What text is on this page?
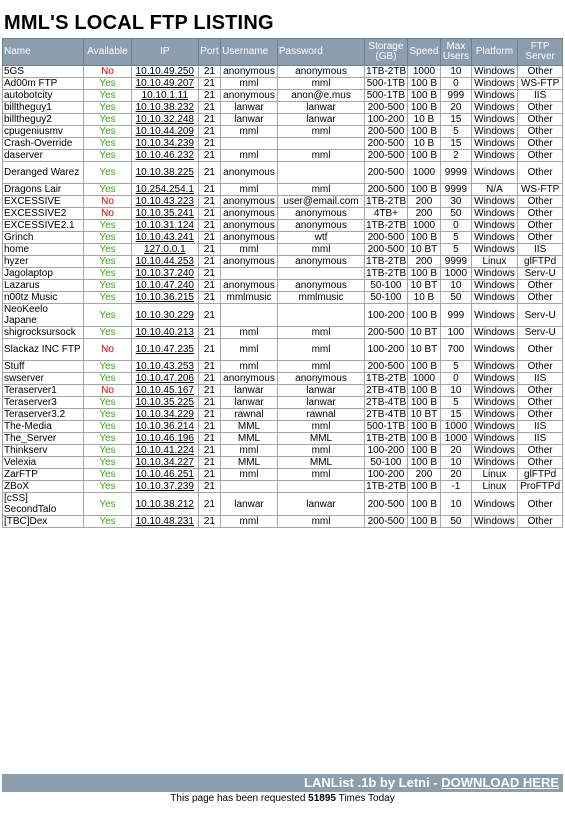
MML'S LOCAL FTP LISTING
Name	Available	IP	Port	Username	Password	Storage (GB)	Speed	Max Users	Platform	FTP Server
5GS	No	10.10.49.250	21	anonymous	anonymous	1TB-2TB	1000	10	Windows	Other
Ad00m FTP	Yes	10.10.49.207	21	mml	mml	500-1TB	100 B	0	Windows	WS-FTP
autobotcity	Yes	10.10.1.11	21	anonymous	anon@e.mus	500-1TB	100 B	999	Windows	IIS
billtheguy1	Yes	10.10.38.232	21	lanwar	lanwar	200-500	100 B	20	Windows	Other
billtheguy2	Yes	10.10.32.248	21	lanwar	lanwar	100-200	10 B	15	Windows	Other
cpugeniusmv	Yes	10.10.44.209	21	mml	mml	200-500	100 B	5	Windows	Other
Crash-Override	Yes	10.10.34.239	21			200-500	10 B	15	Windows	Other
daserver	Yes	10.10.46.232	21	mml	mml	200-500	100 B	2	Windows	Other
Deranged Warez	Yes	10.10.38.225	21	anonymous		200-500	1000	9999	Windows	Other
Dragons Lair	Yes	10.254.254.1	21	mml	mml	200-500	100 B	9999	N/A	WS-FTP
EXCESSIVE	No	10.10.43.223	21	anonymous	user@email.com	1TB-2TB	200	30	Windows	Other
EXCESSIVE2	No	10.10.35.241	21	anonymous	anonymous	4TB+	200	50	Windows	Other
EXCESSIVE2.1	Yes	10.10.31.124	21	anonymous	anonymous	1TB-2TB	1000	0	Windows	Other
Grinch	Yes	10.10.43.241	21	anonymous	wtf	200-500	100 B	5	Windows	Other
home	Yes	127.0.0.1	21	mml	mml	200-500	10 BT	5	Windows	IIS
hyzer	Yes	10.10.44.253	21	anonymous	anonymous	1TB-2TB	200	9999	Linux	glFTPd
Jagolaptop	Yes	10.10.37.240	21			1TB-2TB	100 B	1000	Windows	Serv-U
Lazarus	Yes	10.10.47.240	21	anonymous	anonymous	50-100	10 BT	10	Windows	Other
n00tz Music	Yes	10.10.36.215	21	mmlmusic	mmlmusic	50-100	10 B	50	Windows	Other
NeoKeelo Japane	Yes	10.10.30.229	21			100-200	100 B	999	Windows	Serv-U
shigrocksursock	Yes	10.10.40.213	21	mml	mml	200-500	10 BT	100	Windows	Serv-U
Slackaz INC FTP	No	10.10.47.235	21	mml	mml	100-200	10 BT	700	Windows	Other
Stuff	Yes	10.10.43.253	21	mml	mml	200-500	100 B	5	Windows	Other
swserver	Yes	10.10.47.206	21	anonymous	anonymous	1TB-2TB	1000	0	Windows	IIS
Teraserver1	No	10.10.45.167	21	lanwar	lanwar	2TB-4TB	100 B	10	Windows	Other
Teraserver3	Yes	10.10.35.225	21	lanwar	lanwar	2TB-4TB	100 B	5	Windows	Other
Teraserver3.2	Yes	10.10.34.229	21	rawnal	rawnal	2TB-4TB	10 BT	15	Windows	Other
The-Media	Yes	10.10.36.214	21	MML	mml	500-1TB	100 B	1000	Windows	IIS
The_Server	Yes	10.10.46.196	21	MML	MML	1TB-2TB	100 B	1000	Windows	IIS
Thinkserv	Yes	10.10.41.224	21	mml	mml	100-200	100 B	20	Windows	Other
Velexia	Yes	10.10.34.227	21	MML	MML	50-100	100 B	10	Windows	Other
ZarFTP	Yes	10.10.46.251	21	mml	mml	100-200	200	20	Linux	glFTPd
ZBoX	Yes	10.10.37.239	21			1TB-2TB	100 B	-1	Linux	ProFTPd
[cSS] SecondTalo	Yes	10.10.38.212	21	lanwar	lanwar	200-500	100 B	10	Windows	Other
[TBC]Dex	Yes	10.10.48.231	21	mml	mml	200-500	100 B	50	Windows	Other
LANList .1b by Letni - DOWNLOAD HERE
This page has been requested 51895 Times Today
